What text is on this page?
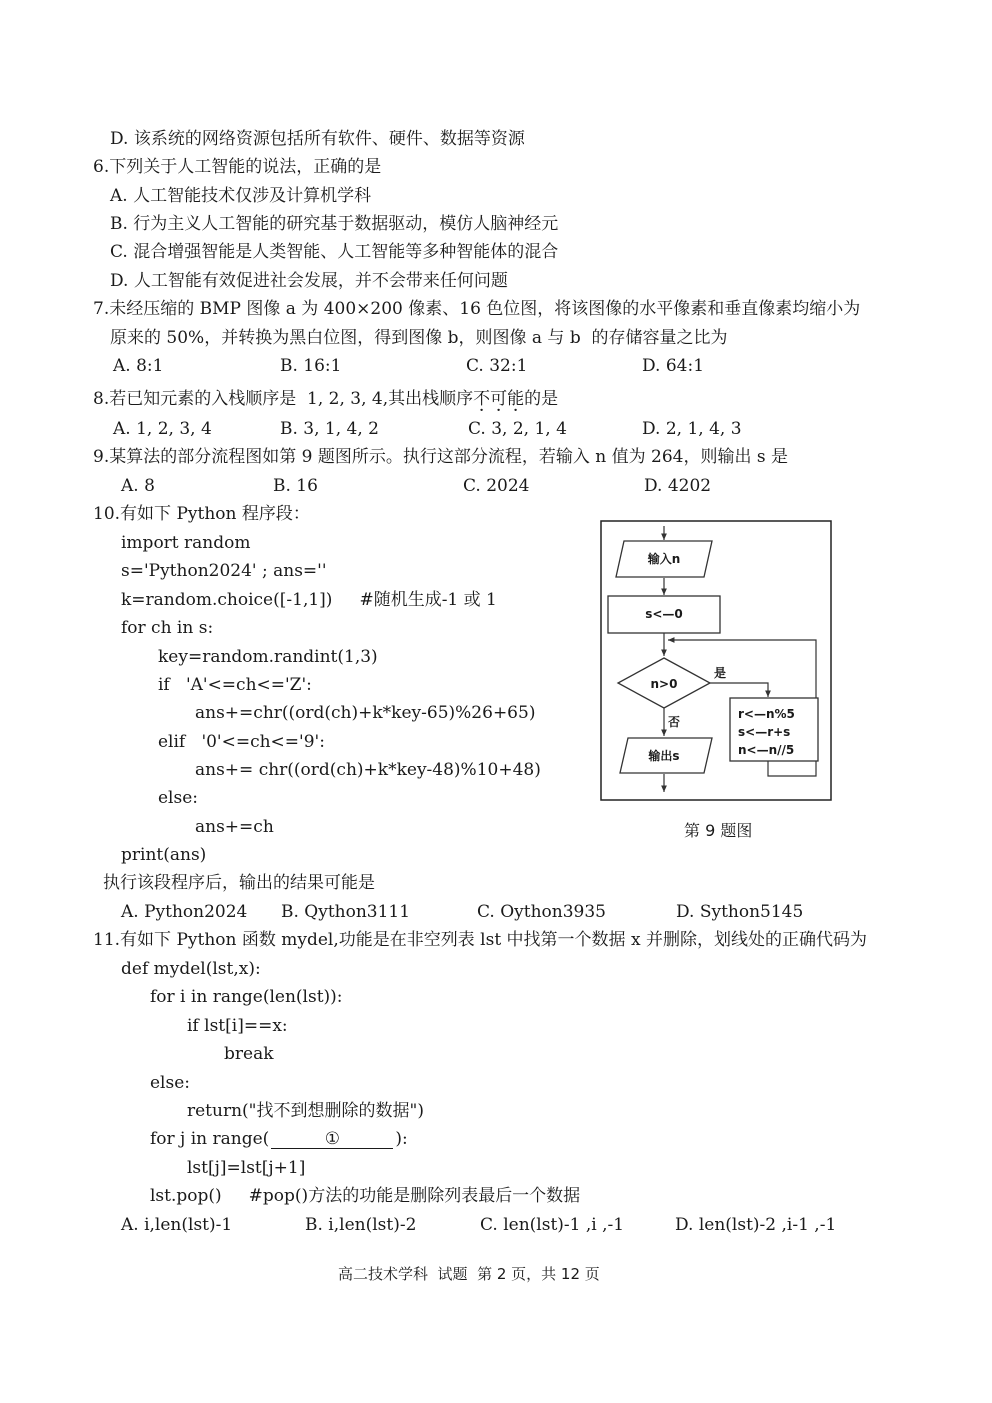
D. 该系统的网络资源包括所有软件、硬件、数据等资源
6.下列关于人工智能的说法，正确的是
A. 人工智能技术仅涉及计算机学科
B. 行为主义人工智能的研究基于数据驱动，模仿人脑神经元
C. 混合增强智能是人类智能、人工智能等多种智能体的混合
D. 人工智能有效促进社会发展，并不会带来任何问题
7.未经压缩的 BMP 图像 a 为 400×200 像素、16 色位图，将该图像的水平像素和垂直像素均缩小为
原来的 50%，并转换为黑白位图，得到图像 b，则图像 a 与 b  的存储容量之比为
A. 8:1	B. 16:1	C. 32:1	D. 64:1
8.若已知元素的入栈顺序是  1, 2, 3, 4,其出栈顺序不可能的是
A. 1, 2, 3, 4	B. 3, 1, 4, 2	C. 3, 2, 1, 4	D. 2, 1, 4, 3
9.某算法的部分流程图如第 9 题图所示。执行这部分流程，若输入 n 值为 264，则输出 s 是
A. 8	B. 16	C. 2024	D. 4202
10.有如下 Python 程序段：
import random
s='Python2024' ; ans=''
k=random.choice([-1,1])     #随机生成-1 或 1
for ch in s:
key=random.randint(1,3)
if   'A'<=ch<='Z':
ans+=chr((ord(ch)+k*key-65)%26+65)
elif   '0'<=ch<='9':
ans+= chr((ord(ch)+k*key-48)%10+48)
else:
ans+=ch
print(ans)
执行该段程序后，输出的结果可能是
A. Python2024 B. Qython3111	C. Oython3935	D. Sython5145
输入n
s<—0
n>0
是
否
r<—n%5
s<—r+s
n<—n//5
输出s
第 9 题图
11.有如下 Python 函数 mydel,功能是在非空列表 lst 中找第一个数据 x 并删除，划线处的正确代码为
def mydel(lst,x):
for i in range(len(lst)):
if lst[i]==x:
break
else:
return("找不到想删除的数据")
for j in range(	①	):
lst[j]=lst[j+1]
lst.pop()     #pop()方法的功能是删除列表最后一个数据
A. i,len(lst)-1	B. i,len(lst)-2	C. len(lst)-1 ,i ,-1	D. len(lst)-2 ,i-1 ,-1
高二技术学科  试题  第 2 页，共 12 页
